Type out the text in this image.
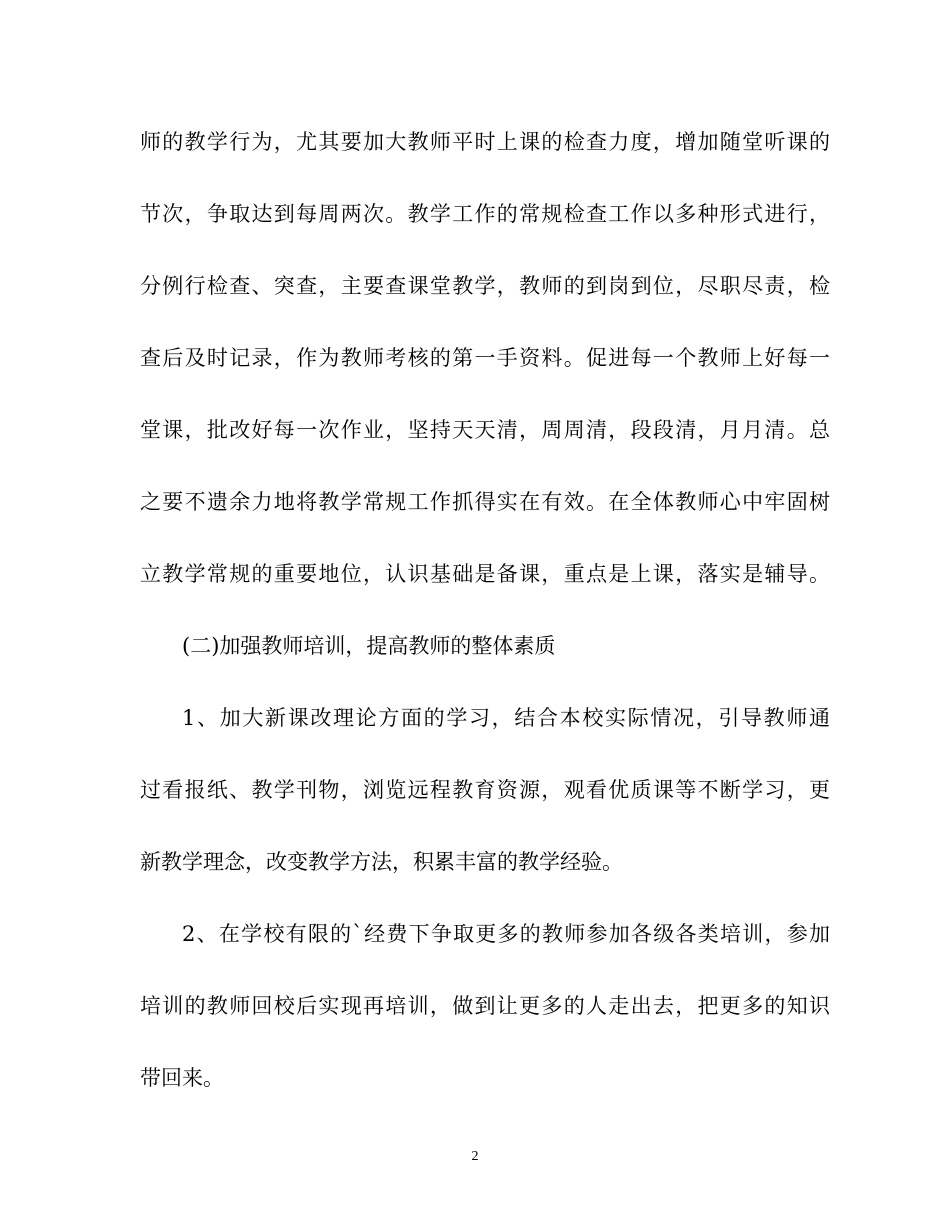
师的教学行为，尤其要加大教师平时上课的检查力度，增加随堂听课的
节次，争取达到每周两次。教学工作的常规检查工作以多种形式进行，
分例行检查、突查，主要查课堂教学，教师的到岗到位，尽职尽责，检
查后及时记录，作为教师考核的第一手资料。促进每一个教师上好每一
堂课，批改好每一次作业，坚持天天清，周周清，段段清，月月清。总
之要不遗余力地将教学常规工作抓得实在有效。在全体教师心中牢固树
立教学常规的重要地位，认识基础是备课，重点是上课，落实是辅导。
(二)加强教师培训，提高教师的整体素质
1、加大新课改理论方面的学习，结合本校实际情况，引导教师通
过看报纸、教学刊物，浏览远程教育资源，观看优质课等不断学习，更
新教学理念，改变教学方法，积累丰富的教学经验。
2、在学校有限的`经费下争取更多的教师参加各级各类培训，参加
培训的教师回校后实现再培训，做到让更多的人走出去，把更多的知识
带回来。
2
